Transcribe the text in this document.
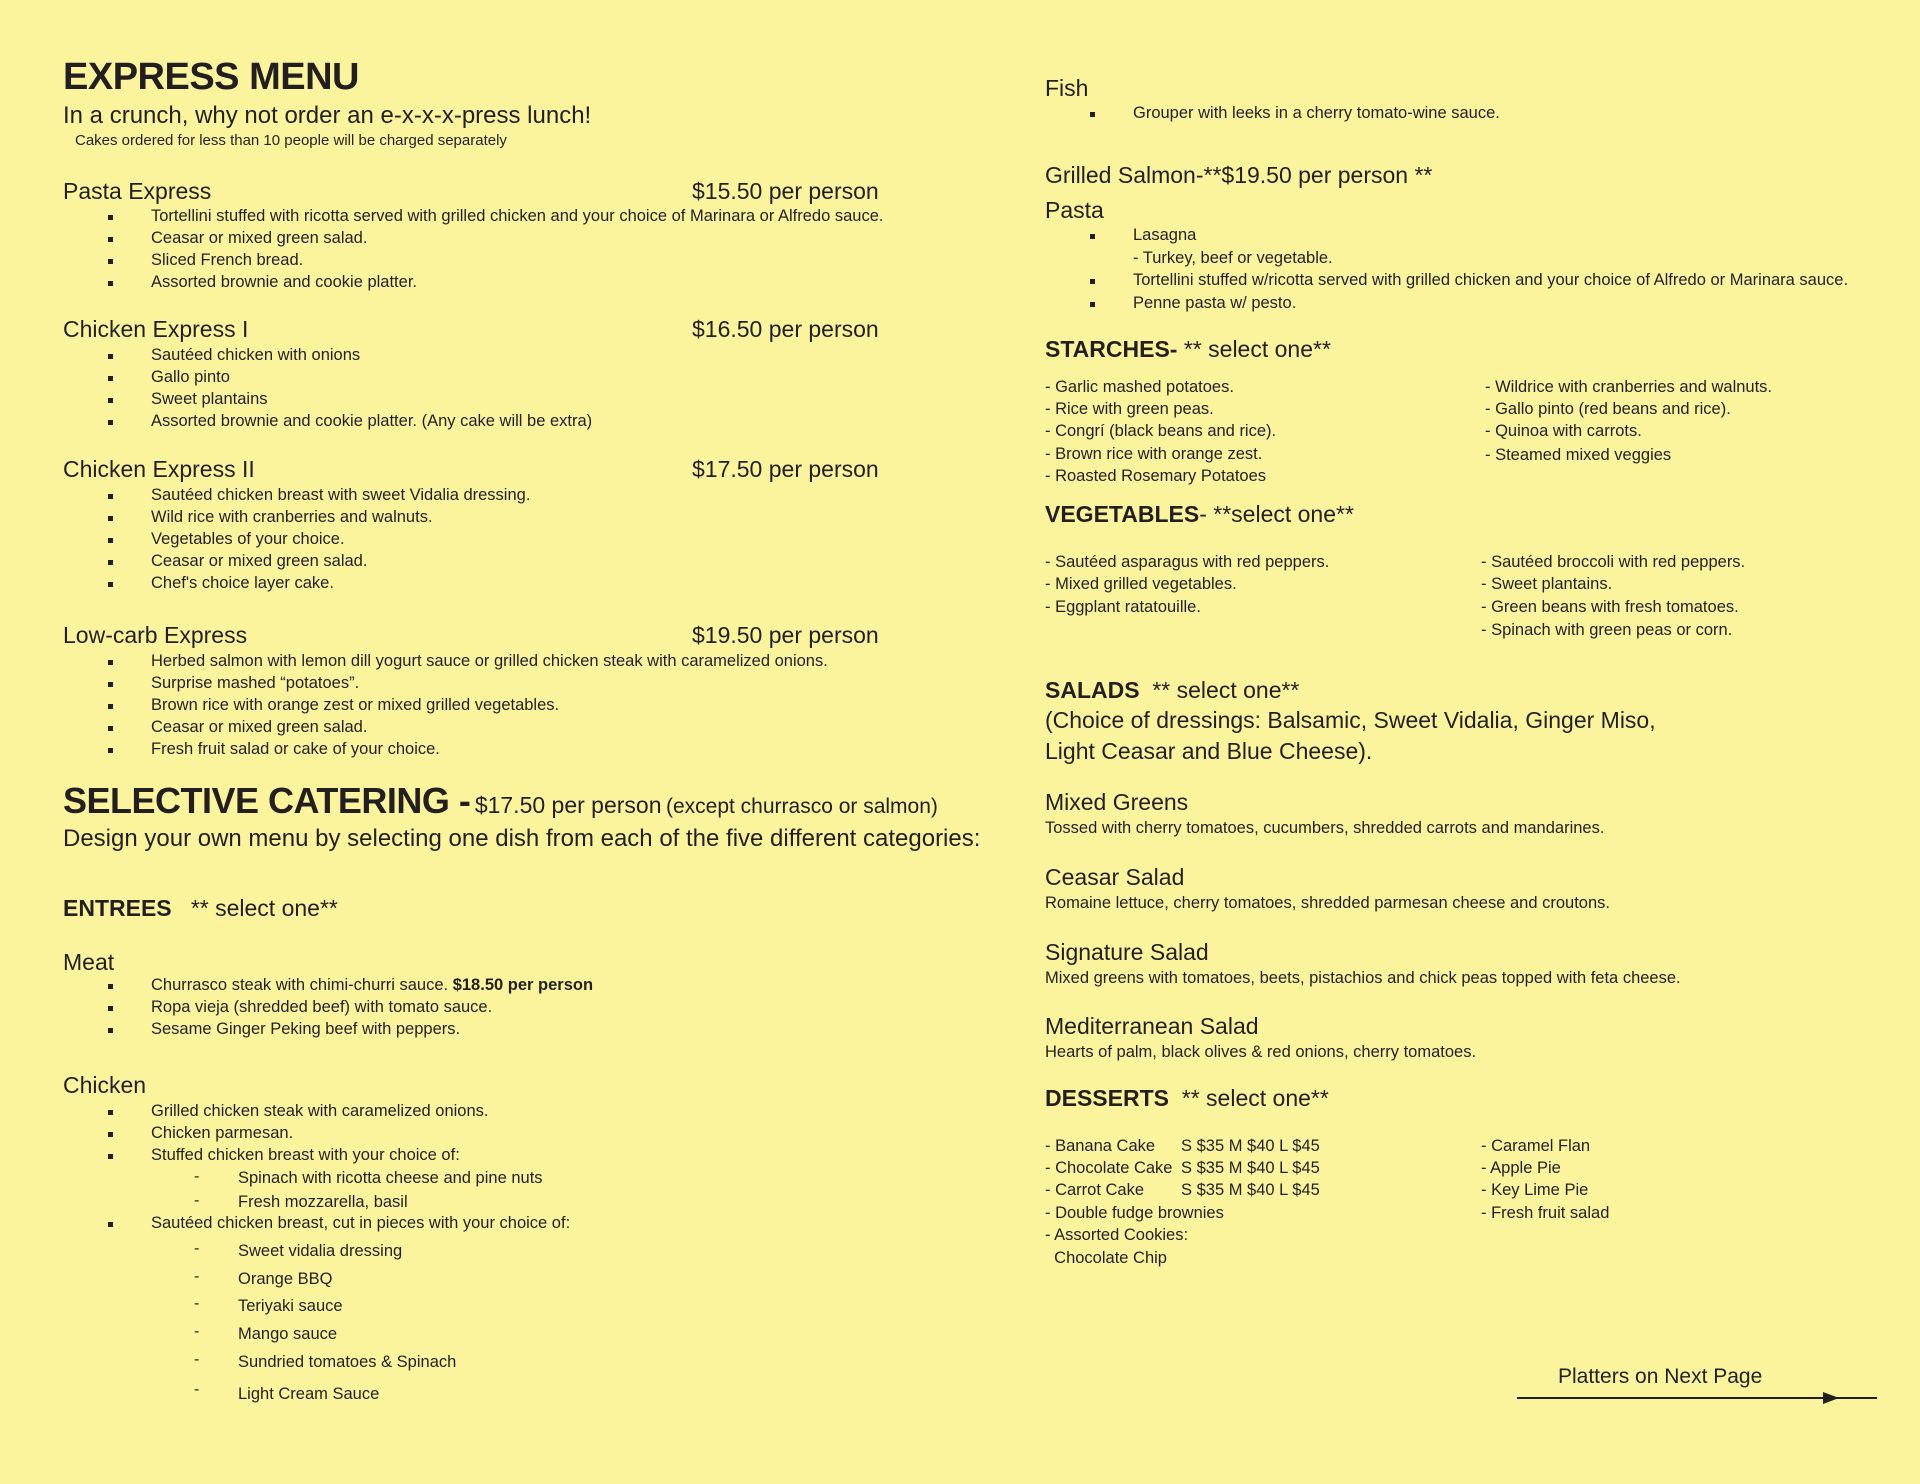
EXPRESS MENU
In a crunch, why not order an e-x-x-x-press lunch!
Cakes ordered for less than 10 people will be charged separately
Pasta Express	$15.50 per person
Tortellini stuffed with ricotta served with grilled chicken and your choice of Marinara or Alfredo sauce.
Ceasar or mixed green salad.
Sliced French bread.
Assorted brownie and cookie platter.
Chicken Express I	$16.50 per person
Sautéed chicken with onions
Gallo pinto
Sweet plantains
Assorted brownie and cookie platter. (Any cake will be extra)
Chicken Express II	$17.50 per person
Sautéed chicken breast with sweet Vidalia dressing.
Wild rice with cranberries and walnuts.
Vegetables of your choice.
Ceasar or mixed green salad.
Chef's choice layer cake.
Low-carb Express	$19.50 per person
Herbed salmon with lemon dill yogurt sauce or grilled chicken steak with caramelized onions.
Surprise mashed “potatoes”.
Brown rice with orange zest or mixed grilled vegetables.
Ceasar or mixed green salad.
Fresh fruit salad or cake of your choice.
SELECTIVE CATERING - $17.50 per person (except churrasco or salmon)
Design your own menu by selecting one dish from each of the five different categories:
ENTREES ** select one**
Meat
Churrasco steak with chimi-churri sauce. $18.50 per person
Ropa vieja (shredded beef) with tomato sauce.
Sesame Ginger Peking beef with peppers.
Chicken
Grilled chicken steak with caramelized onions.
Chicken parmesan.
Stuffed chicken breast with your choice of:
- Spinach with ricotta cheese and pine nuts
- Fresh mozzarella, basil
Sautéed chicken breast, cut in pieces with your choice of:
- Sweet vidalia dressing
- Orange BBQ
- Teriyaki sauce
- Mango sauce
- Sundried tomatoes & Spinach
- Light Cream Sauce
Fish
Grouper with leeks in a cherry tomato-wine sauce.
Grilled Salmon-**$19.50 per person **
Pasta
Lasagna
- Turkey, beef or vegetable.
Tortellini stuffed w/ricotta served with grilled chicken and your choice of Alfredo or Marinara sauce.
Penne pasta w/ pesto.
STARCHES- ** select one**
- Garlic mashed potatoes.
- Rice with green peas.
- Congrí (black beans and rice).
- Brown rice with orange zest.
- Roasted Rosemary Potatoes
- Wildrice with cranberries and walnuts.
- Gallo pinto (red beans and rice).
- Quinoa with carrots.
- Steamed mixed veggies
VEGETABLES- **select one**
- Sautéed asparagus with red peppers.
- Mixed grilled vegetables.
- Eggplant ratatouille.
- Sautéed broccoli with red peppers.
- Sweet plantains.
- Green beans with fresh tomatoes.
- Spinach with green peas or corn.
SALADS ** select one**
(Choice of dressings: Balsamic, Sweet Vidalia, Ginger Miso,
Light Ceasar and Blue Cheese).
Mixed Greens
Tossed with cherry tomatoes, cucumbers, shredded carrots and mandarines.
Ceasar Salad
Romaine lettuce, cherry tomatoes, shredded parmesan cheese and croutons.
Signature Salad
Mixed greens with tomatoes, beets, pistachios and chick peas topped with feta cheese.
Mediterranean Salad
Hearts of palm, black olives & red onions, cherry tomatoes.
DESSERTS ** select one**
- Banana Cake S $35 M $40 L $45
- Chocolate Cake S $35 M $40 L $45
- Carrot Cake S $35 M $40 L $45
- Double fudge brownies
- Assorted Cookies:
Chocolate Chip
- Caramel Flan
- Apple Pie
- Key Lime Pie
- Fresh fruit salad
Platters on Next Page
